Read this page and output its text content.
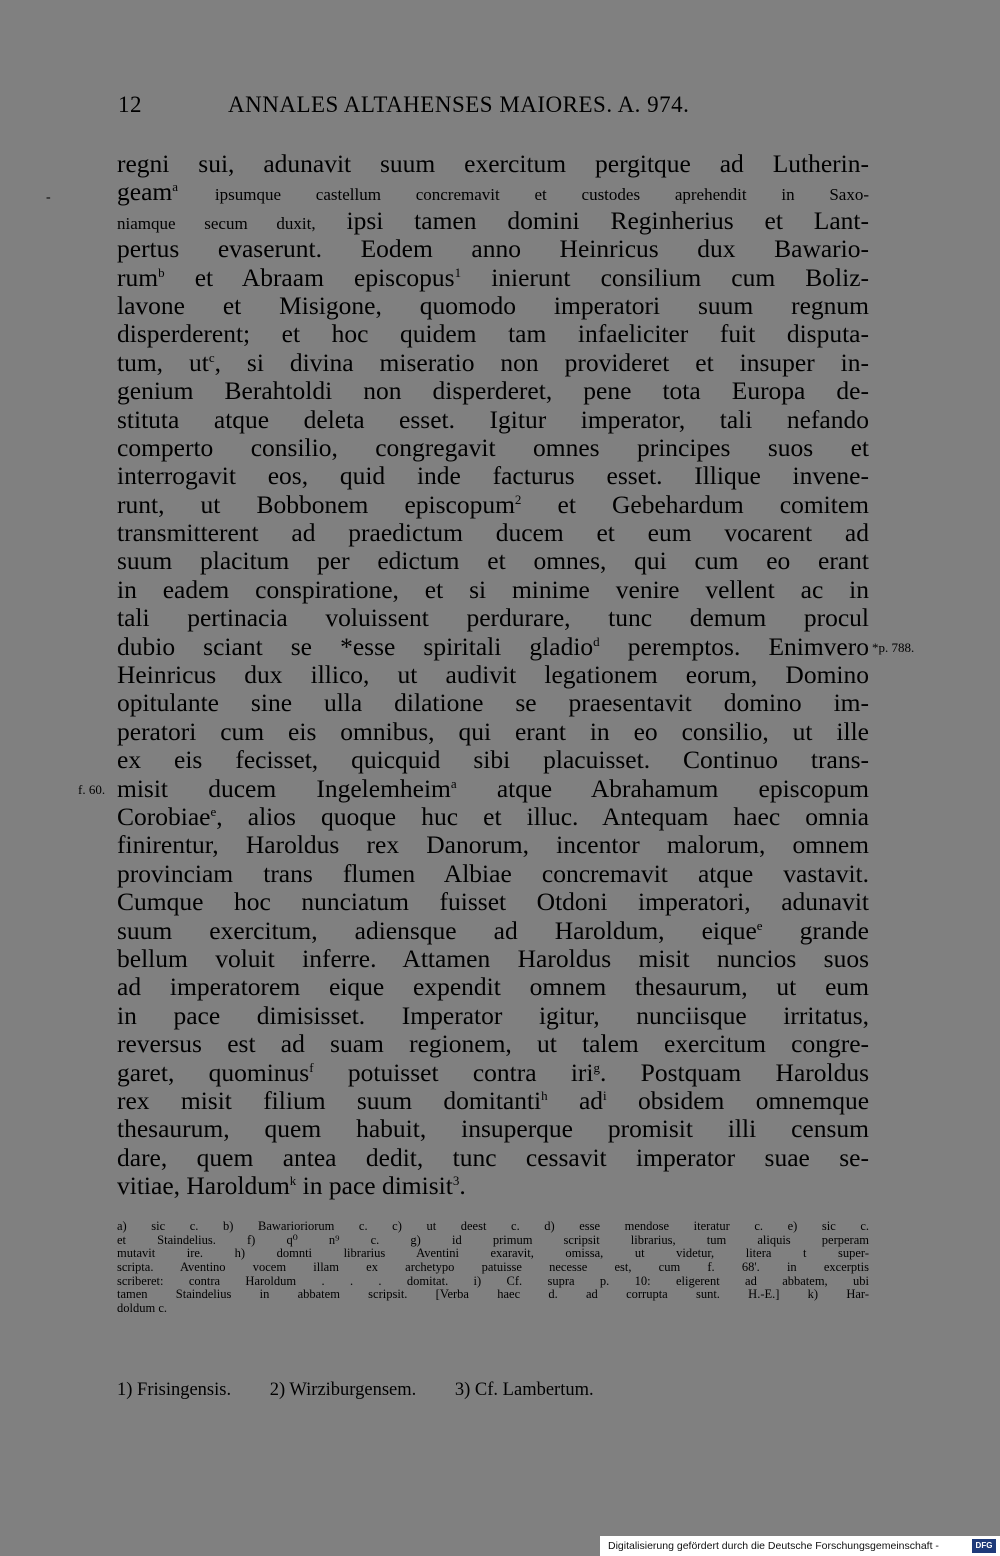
12	ANNALES ALTAHENSES MAIORES. A. 974.
-
*p. 788.
f. 60.
regni sui, adunavit suum exercitum pergitque ad Lutherin-
geam$^a$ ipsumque castellum concremavit et custodes aprehendit in Saxo-
niamque secum duxit, ipsi tamen domini Reginherius et Lant-
pertus evaserunt. Eodem anno Heinricus dux Bawario-
rum$^b$ et Abraam episcopus$^1$ inierunt consilium cum Boliz-
lavone et Misigone, quomodo imperatori suum regnum
disperderent; et hoc quidem tam infaeliciter fuit disputa-
tum, $ut^c$, si divina miseratio non provideret et insuper in-
genium Berahtoldi non disperderet, pene tota Europa de-
stituta atque deleta esset. Igitur imperator, tali nefando
comperto consilio, congregavit omnes principes suos et
interrogavit eos, quid inde facturus esset. Illique invene-
runt, ut Bobbonem episcopum$^2$ et Gebehardum comitem
transmitterent ad praedictum ducem et eum vocarent ad
suum placitum per edictum et omnes, qui cum eo erant
in eadem conspiratione, et si minime venire vellent ac in
tali pertinacia voluissent perdurare, tunc demum procul
dubio sciant se *esse spiritali gladio$^d$ peremptos. Enimvero
Heinricus dux illico, ut audivit legationem eorum, Domino
opitulante sine ulla dilatione se praesentavit domino im-
peratori cum eis omnibus, qui erant in eo consilio, ut ille
ex eis fecisset, quicquid sibi placuisset. Continuo trans-
misit ducem Ingelemheim$^a$ atque Abrahamum episcopum
Corobiae$^e$, alios quoque huc et illuc. Antequam haec omnia
finirentur, Haroldus rex Danorum, incentor malorum, omnem
provinciam trans flumen Albiae concremavit atque vastavit.
Cumque hoc nunciatum fuisset Otdoni imperatori, adunavit
suum exercitum, adiensque ad Haroldum, eique$^e$ grande
bellum voluit inferre. Attamen Haroldus misit nuncios suos
ad imperatorem eique expendit omnem thesaurum, ut eum
in pace dimisisset. Imperator igitur, nunciisque irritatus,
reversus est ad suam regionem, ut talem exercitum congre-
garet, quominus$^f$ potuisset contra iri$^g$. Postquam Haroldus
rex misit filium suum domitanti$^h$ $ad^i$ obsidem omnemque
thesaurum, quem habuit, insuperque promisit illi censum
dare, quem antea dedit, tunc cessavit imperator suae se-
vitiae, Haroldum$^k$ in pace dimisit$^3$.
a) sic c. b) Bawarioriorum c. c) ut deest c. d) esse mendose iteratur c. e) sic c.
et Staindelius. f) q⁰ n⁹ c. g) id primum scripsit librarius, tum aliquis perperam
mutavit ire. h) domnti librarius Aventini exaravit, omissa, ut videtur, litera t super-
scripta. Aventino vocem illam ex archetypo patuisse necesse est, cum f. 68'. in excerptis
scriberet: contra Haroldum . . . domitat. i) Cf. supra p. 10: eligerent ad abbatem, ubi
tamen Staindelius in abbatem scripsit. [Verba haec d. ad corrupta sunt. H.-E.] k) Har-
doldum c.
1) Frisingensis. 2) Wirziburgensem. 3) Cf. Lambertum.
Digitalisierung gefördert durch die Deutsche Forschungsgemeinschaft -	DFG
